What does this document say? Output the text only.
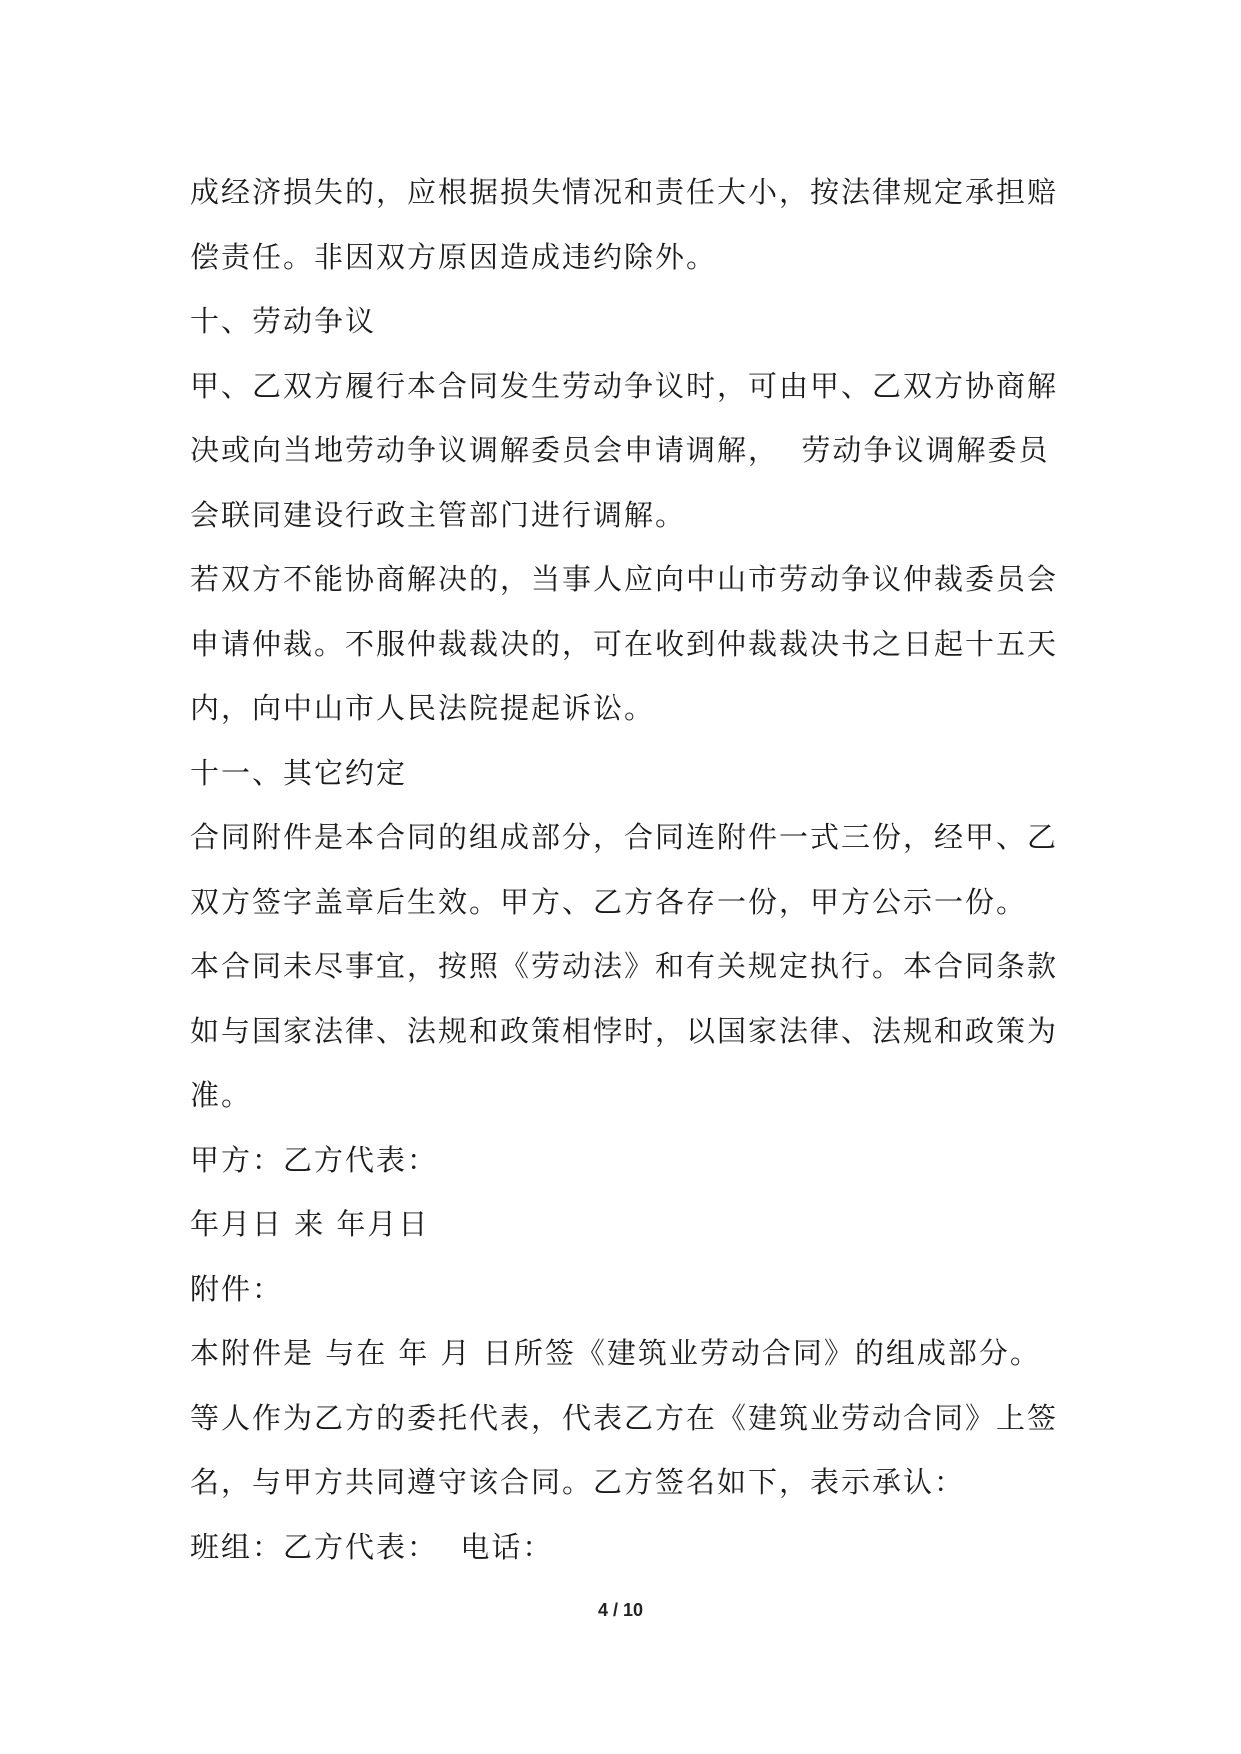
成经济损失的，应根据损失情况和责任大小，按法律规定承担赔
偿责任。非因双方原因造成违约除外。
十、劳动争议
甲、乙双方履行本合同发生劳动争议时，可由甲、乙双方协商解
决或向当地劳动争议调解委员会申请调解，  劳动争议调解委员
会联同建设行政主管部门进行调解。
若双方不能协商解决的，当事人应向中山市劳动争议仲裁委员会
申请仲裁。不服仲裁裁决的，可在收到仲裁裁决书之日起十五天
内，向中山市人民法院提起诉讼。
十一、其它约定
合同附件是本合同的组成部分，合同连附件一式三份，经甲、乙
双方签字盖章后生效。甲方、乙方各存一份，甲方公示一份。
本合同未尽事宜，按照《劳动法》和有关规定执行。本合同条款
如与国家法律、法规和政策相悖时，以国家法律、法规和政策为
准。
甲方：乙方代表：
年月日 来 年月日
附件：
本附件是 与在 年 月 日所签《建筑业劳动合同》的组成部分。
等人作为乙方的委托代表，代表乙方在《建筑业劳动合同》上签
名，与甲方共同遵守该合同。乙方签名如下，表示承认：
班组：乙方代表：  电话：
4 / 10
